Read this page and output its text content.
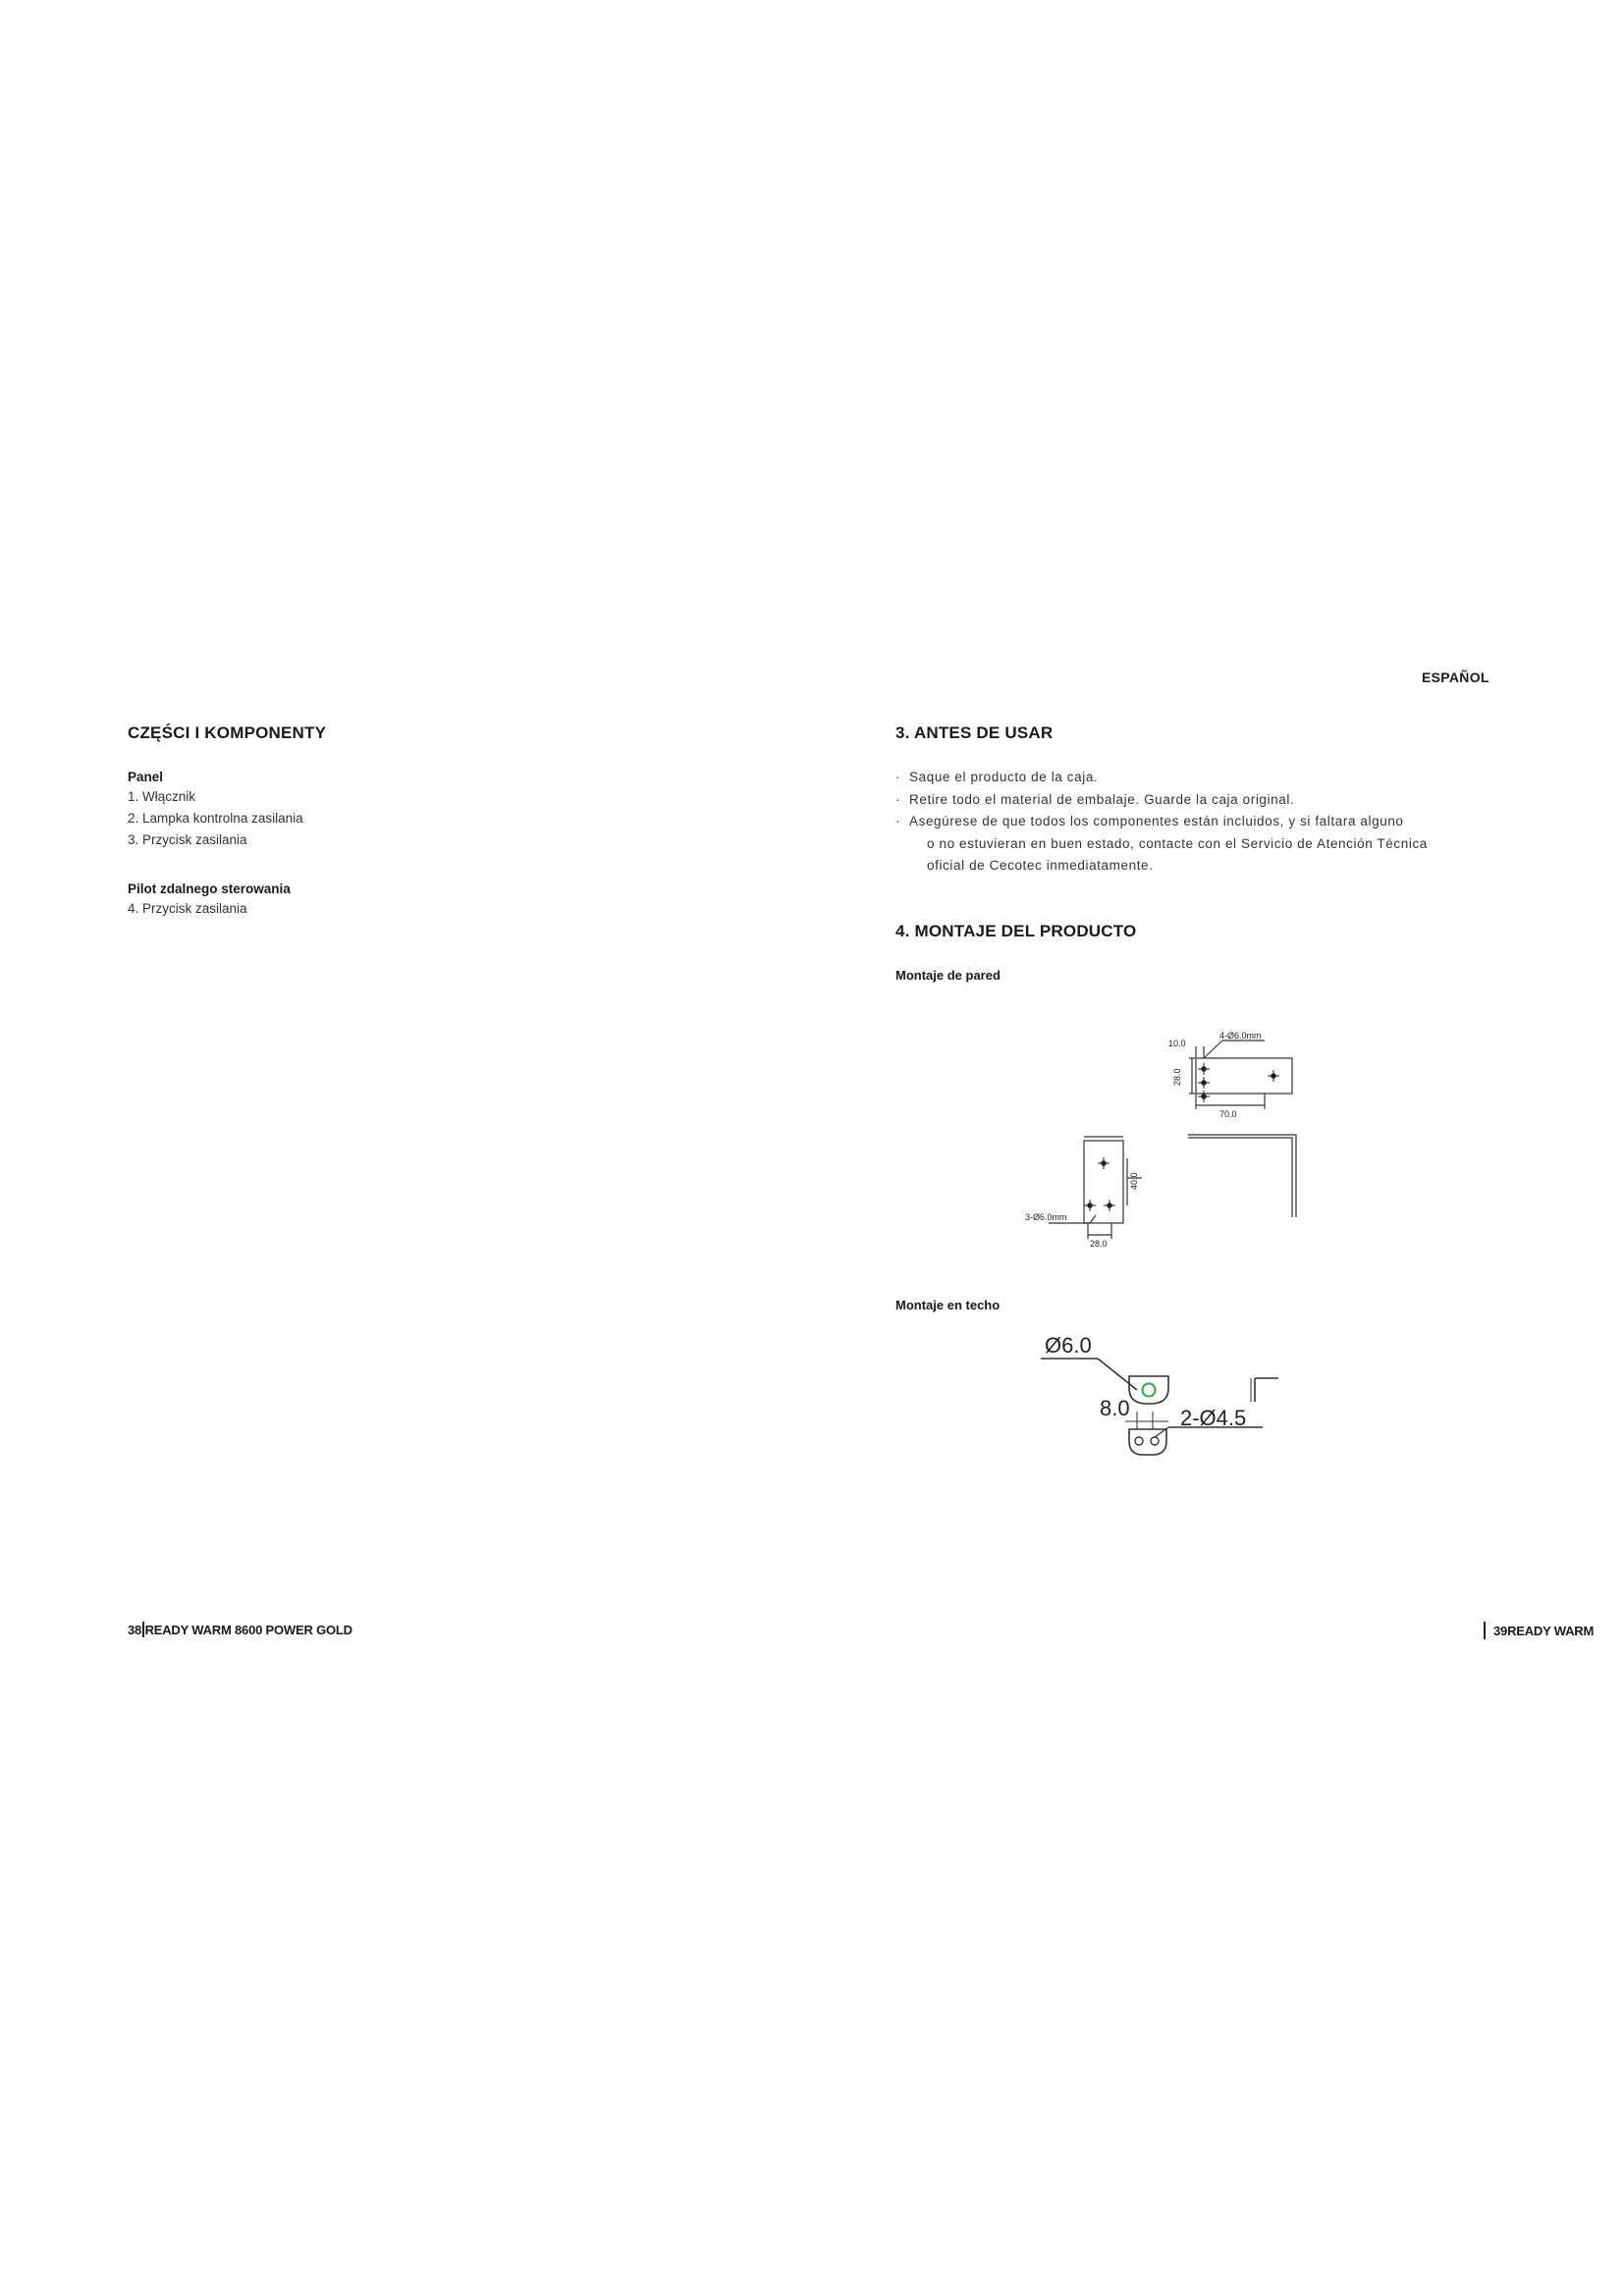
ESPAÑOL
CZĘŚCI I KOMPONENTY
Panel
1. Włącznik
2. Lampka kontrolna zasilania
3. Przycisk zasilania
Pilot zdalnego sterowania
4. Przycisk zasilania
3. ANTES DE USAR
· Saque el producto de la caja.
· Retire todo el material de embalaje. Guarde la caja original.
· Asegúrese de que todos los componentes están incluidos, y si faltara alguno
o no estuvieran en buen estado, contacte con el Servicio de Atención Técnica
oficial de Cecotec inmediatamente.
4. MONTAJE DEL PRODUCTO
Montaje de pared
Montaje en techo
10.0
4-Ø6.0mm
28.0
70.0
40.0
3-Ø6.0mm
28.0
Ø6.0
8.0 2-Ø4.5
38 READY WARM 8600 POWER GOLD	39 READY WARM
